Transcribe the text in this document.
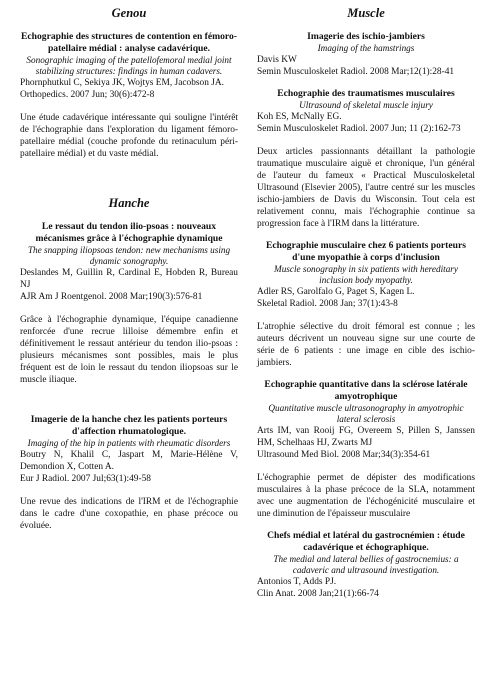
Genou

Echographie des structures de contention en fémoro-patellaire médial : analyse cadavérique.

Sonographic imaging of the patellofemoral medial joint stabilizing structures: findings in human cadavers.

Phornphutkul C, Sekiya JK, Wojtys EM, Jacobson JA.

Orthopedics. 2007 Jun; 30(6):472-8

Une étude cadavérique intéressante qui souligne l'intérêt de l'échographie dans l'exploration du ligament fémoro-patellaire médial (couche profonde du retinaculum péri-patellaire médial) et du vaste médial.

Hanche

Le ressaut du tendon ilio-psoas : nouveaux mécanismes grâce à l'échographie dynamique

The snapping iliopsoas tendon: new mechanisms using dynamic sonography.

Deslandes M, Guillin R, Cardinal E, Hobden R, Bureau NJ

AJR Am J Roentgenol. 2008 Mar;190(3):576-81

Grâce à l'échographie dynamique, l'équipe canadienne renforcée d'une recrue lilloise démembre enfin et définitivement le ressaut antérieur du tendon ilio-psoas : plusieurs mécanismes sont possibles, mais le plus fréquent est de loin le ressaut du tendon iliopsoas sur le muscle iliaque.

Imagerie de la hanche chez les patients porteurs d'affection rhumatologique.

Imaging of the hip in patients with rheumatic disorders

Boutry N, Khalil C, Jaspart M, Marie-Hélène V, Demondion X, Cotten A.

Eur J Radiol. 2007 Jul;63(1):49-58

Une revue des indications de l'IRM et de l'échographie dans le cadre d'une coxopathie, en phase précoce ou évoluée.

Muscle

Imagerie des ischio-jambiers

Imaging of the hamstrings

Davis KW

Semin Musculoskelet Radiol. 2008 Mar;12(1):28-41

Echographie des traumatismes musculaires

Ultrasound of skeletal muscle injury

Koh ES, McNally EG.

Semin Musculoskelet Radiol. 2007 Jun; 11 (2):162-73

Deux articles passionnants détaillant la pathologie traumatique musculaire aiguë et chronique, l'un général de l'auteur du fameux « Practical Musculoskeletal Ultrasound (Elsevier 2005), l'autre centré sur les muscles ischio-jambiers de Davis du Wisconsin. Tout cela est relativement connu, mais l'échographie continue sa progression face à l'IRM dans la littérature.

Echographie musculaire chez 6 patients porteurs d'une myopathie à corps d'inclusion

Muscle sonography in six patients with hereditary inclusion body myopathy.

Adler RS, Garolfalo G, Paget S, Kagen L.

Skeletal Radiol. 2008 Jan; 37(1):43-8

L'atrophie sélective du droit fémoral est connue ; les auteurs décrivent un nouveau signe sur une courte de série de 6 patients : une image en cible des ischio-jambiers.

Echographie quantitative dans la sclérose latérale amyotrophique

Quantitative muscle ultrasonography in amyotrophic lateral sclerosis

Arts IM, van Rooij FG, Overeem S, Pillen S, Janssen HM, Schelhaas HJ, Zwarts MJ

Ultrasound Med Biol. 2008 Mar;34(3):354-61

L'échographie permet de dépister des modifications musculaires à la phase précoce de la SLA, notamment avec une augmentation de l'échogénicité musculaire et une diminution de l'épaisseur musculaire

Chefs médial et latéral du gastrocnémien : étude cadavérique et échographique.

The medial and lateral bellies of gastrocnemius: a cadaveric and ultrasound investigation.

Antonios T, Adds PJ.

Clin Anat. 2008 Jan;21(1):66-74
